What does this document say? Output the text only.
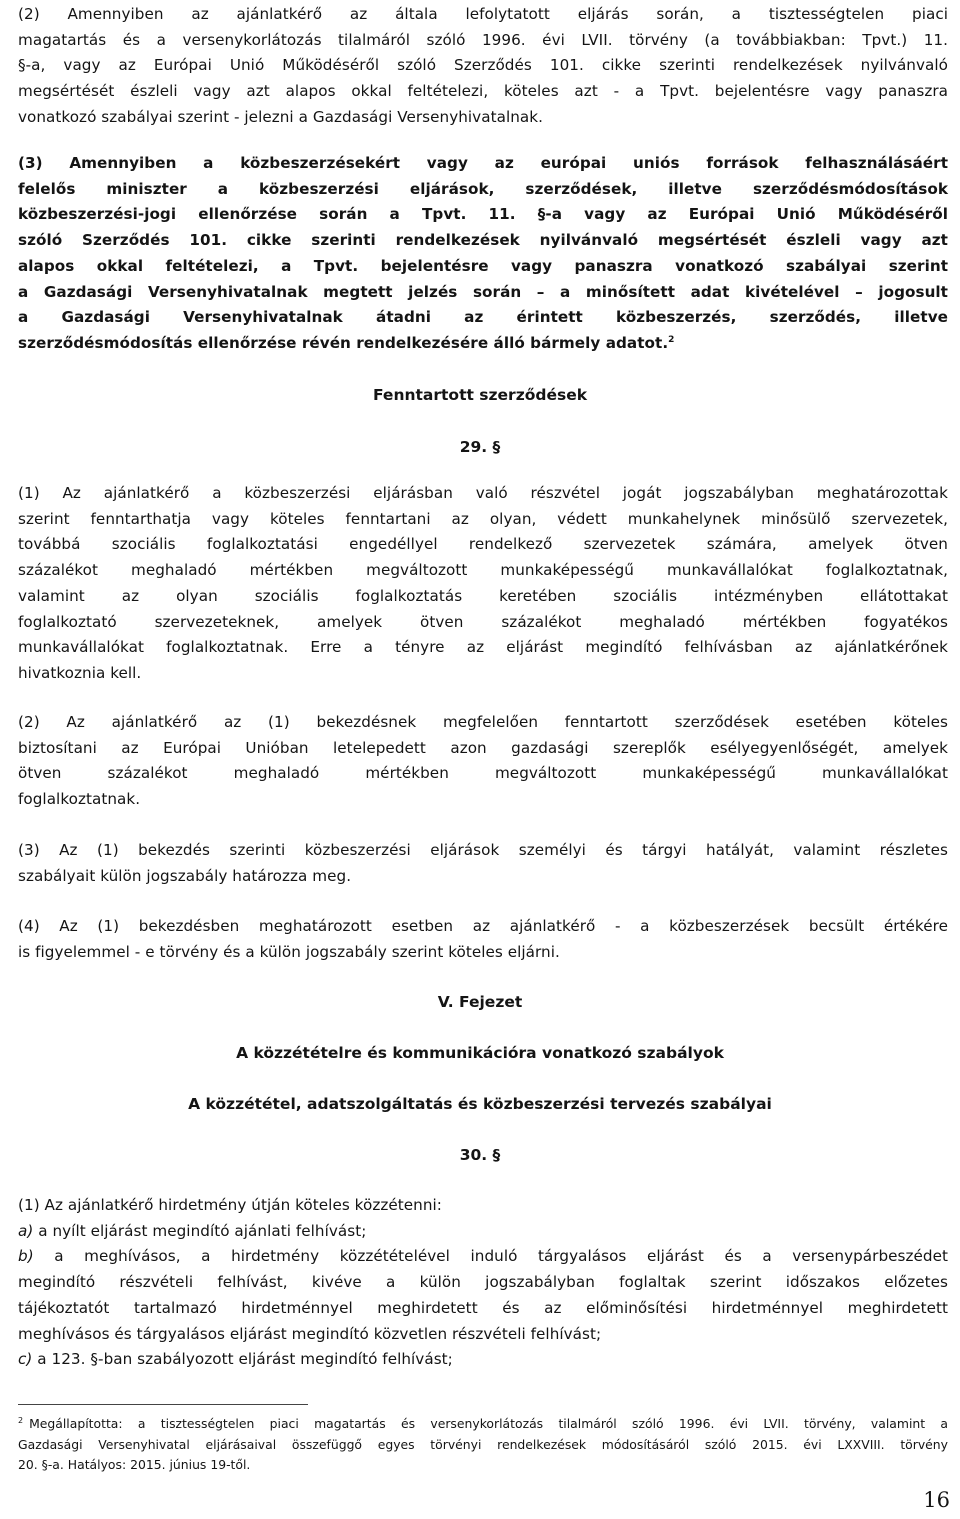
(2) Amennyiben az ajánlatkérő az általa lefolytatott eljárás során, a tisztességtelen piaci
magatartás és a versenykorlátozás tilalmáról szóló 1996. évi LVII. törvény (a továbbiakban: Tpvt.) 11.
§-a, vagy az Európai Unió Működéséről szóló Szerződés 101. cikke szerinti rendelkezések nyilvánvaló
megsértését észleli vagy azt alapos okkal feltételezi, köteles azt - a Tpvt. bejelentésre vagy panaszra
vonatkozó szabályai szerint - jelezni a Gazdasági Versenyhivatalnak.

(3) Amennyiben a közbeszerzésekért vagy az európai uniós források felhasználásáért
felelős miniszter a közbeszerzési eljárások, szerződések, illetve szerződésmódosítások
közbeszerzési-jogi ellenőrzése során a Tpvt. 11. §-a vagy az Európai Unió Működéséről
szóló Szerződés 101. cikke szerinti rendelkezések nyilvánvaló megsértését észleli vagy azt
alapos okkal feltételezi, a Tpvt. bejelentésre vagy panaszra vonatkozó szabályai szerint
a Gazdasági Versenyhivatalnak megtett jelzés során – a minősített adat kivételével – jogosult
a Gazdasági Versenyhivatalnak átadni az érintett közbeszerzés, szerződés, illetve
szerződésmódosítás ellenőrzése révén rendelkezésére álló bármely adatot.$^2$

Fenntartott szerződések
29. §

(1) Az ajánlatkérő a közbeszerzési eljárásban való részvétel jogát jogszabályban meghatározottak
szerint fenntarthatja vagy köteles fenntartani az olyan, védett munkahelynek minősülő szervezetek,
továbbá szociális foglalkoztatási engedéllyel rendelkező szervezetek számára, amelyek ötven
százalékot meghaladó mértékben megváltozott munkaképességű munkavállalókat foglalkoztatnak,
valamint az olyan szociális foglalkoztatás keretében szociális intézményben ellátottakat
foglalkoztató szervezeteknek, amelyek ötven százalékot meghaladó mértékben fogyatékos
munkavállalókat foglalkoztatnak. Erre a tényre az eljárást megindító felhívásban az ajánlatkérőnek
hivatkoznia kell.

(2) Az ajánlatkérő az (1) bekezdésnek megfelelően fenntartott szerződések esetében köteles
biztosítani az Európai Unióban letelepedett azon gazdasági szereplők esélyegyenlőségét, amelyek
ötven százalékot meghaladó mértékben megváltozott munkaképességű munkavállalókat
foglalkoztatnak.

(3) Az (1) bekezdés szerinti közbeszerzési eljárások személyi és tárgyi hatályát, valamint részletes
szabályait külön jogszabály határozza meg.

(4) Az (1) bekezdésben meghatározott esetben az ajánlatkérő - a közbeszerzések becsült értékére
is figyelemmel - e törvény és a külön jogszabály szerint köteles eljárni.

V. Fejezet
A közzétételre és kommunikációra vonatkozó szabályok
A közzététel, adatszolgáltatás és közbeszerzési tervezés szabályai
30. §

(1) Az ajánlatkérő hirdetmény útján köteles közzétenni:
a) a nyílt eljárást megindító ajánlati felhívást;
b) a meghívásos, a hirdetmény közzétételével induló tárgyalásos eljárást és a versenypárbeszédet
megindító részvételi felhívást, kivéve a külön jogszabályban foglaltak szerint időszakos előzetes
tájékoztatót tartalmazó hirdetménnyel meghirdetett és az előminősítési hirdetménnyel meghirdetett
meghívásos és tárgyalásos eljárást megindító közvetlen részvételi felhívást;
c) a 123. §-ban szabályozott eljárást megindító felhívást;

$^2$ Megállapította: a tisztességtelen piaci magatartás és versenykorlátozás tilalmáról szóló 1996. évi LVII. törvény, valamint a
Gazdasági Versenyhivatal eljárásaival összefüggő egyes törvényi rendelkezések módosításáról szóló 2015. évi LXXVIII. törvény
20. §-a. Hatályos: 2015. június 19-től.
16
